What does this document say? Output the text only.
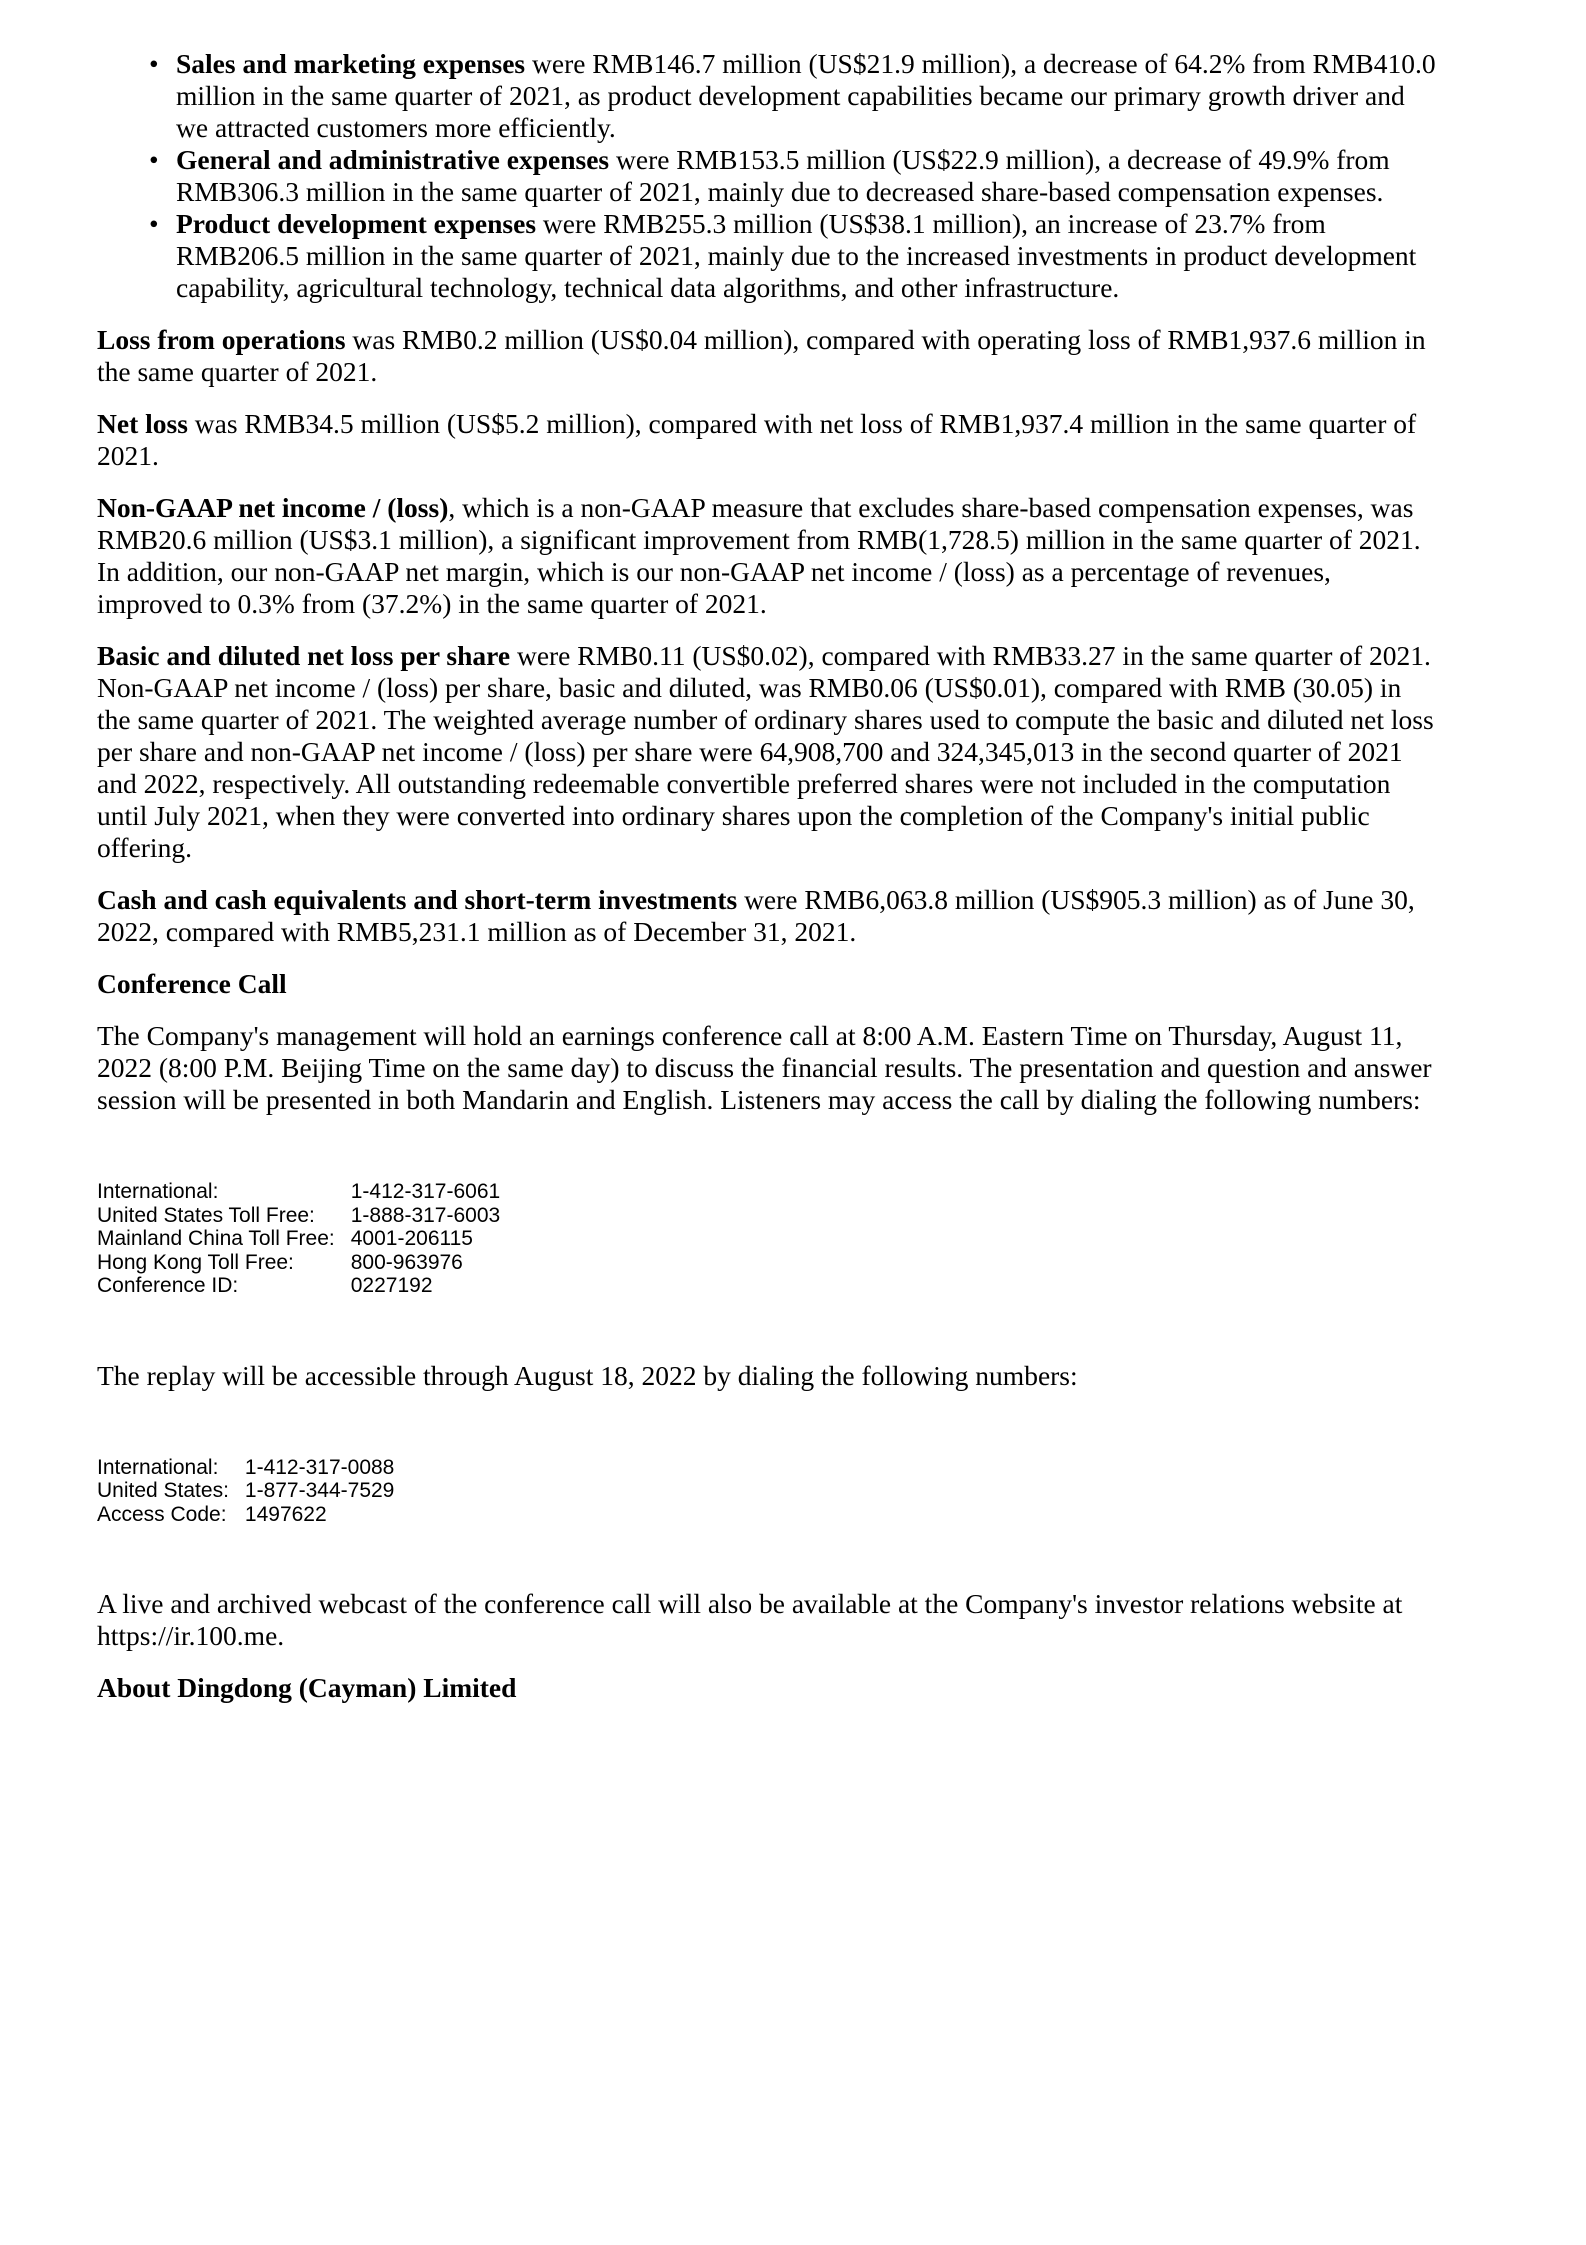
• Sales and marketing expenses were RMB146.7 million (US$21.9 million), a decrease of 64.2% from RMB410.0 million in the same quarter of 2021, as product development capabilities became our primary growth driver and we attracted customers more efficiently.
• General and administrative expenses were RMB153.5 million (US$22.9 million), a decrease of 49.9% from RMB306.3 million in the same quarter of 2021, mainly due to decreased share-based compensation expenses.
• Product development expenses were RMB255.3 million (US$38.1 million), an increase of 23.7% from RMB206.5 million in the same quarter of 2021, mainly due to the increased investments in product development capability, agricultural technology, technical data algorithms, and other infrastructure.

Loss from operations was RMB0.2 million (US$0.04 million), compared with operating loss of RMB1,937.6 million in the same quarter of 2021.

Net loss was RMB34.5 million (US$5.2 million), compared with net loss of RMB1,937.4 million in the same quarter of 2021.

Non-GAAP net income / (loss), which is a non-GAAP measure that excludes share-based compensation expenses, was RMB20.6 million (US$3.1 million), a significant improvement from RMB(1,728.5) million in the same quarter of 2021. In addition, our non-GAAP net margin, which is our non-GAAP net income / (loss) as a percentage of revenues, improved to 0.3% from (37.2%) in the same quarter of 2021.

Basic and diluted net loss per share were RMB0.11 (US$0.02), compared with RMB33.27 in the same quarter of 2021. Non-GAAP net income / (loss) per share, basic and diluted, was RMB0.06 (US$0.01), compared with RMB (30.05) in the same quarter of 2021. The weighted average number of ordinary shares used to compute the basic and diluted net loss per share and non-GAAP net income / (loss) per share were 64,908,700 and 324,345,013 in the second quarter of 2021 and 2022, respectively. All outstanding redeemable convertible preferred shares were not included in the computation until July 2021, when they were converted into ordinary shares upon the completion of the Company's initial public offering.

Cash and cash equivalents and short-term investments were RMB6,063.8 million (US$905.3 million) as of June 30, 2022, compared with RMB5,231.1 million as of December 31, 2021.

Conference Call

The Company's management will hold an earnings conference call at 8:00 A.M. Eastern Time on Thursday, August 11, 2022 (8:00 P.M. Beijing Time on the same day) to discuss the financial results. The presentation and question and answer session will be presented in both Mandarin and English. Listeners may access the call by dialing the following numbers:

International:	1-412-317-6061
United States Toll Free:	1-888-317-6003
Mainland China Toll Free:	4001-206115
Hong Kong Toll Free:	800-963976
Conference ID:	0227192

The replay will be accessible through August 18, 2022 by dialing the following numbers:

International:	1-412-317-0088
United States:	1-877-344-7529
Access Code:	1497622

A live and archived webcast of the conference call will also be available at the Company's investor relations website at https://ir.100.me.

About Dingdong (Cayman) Limited
